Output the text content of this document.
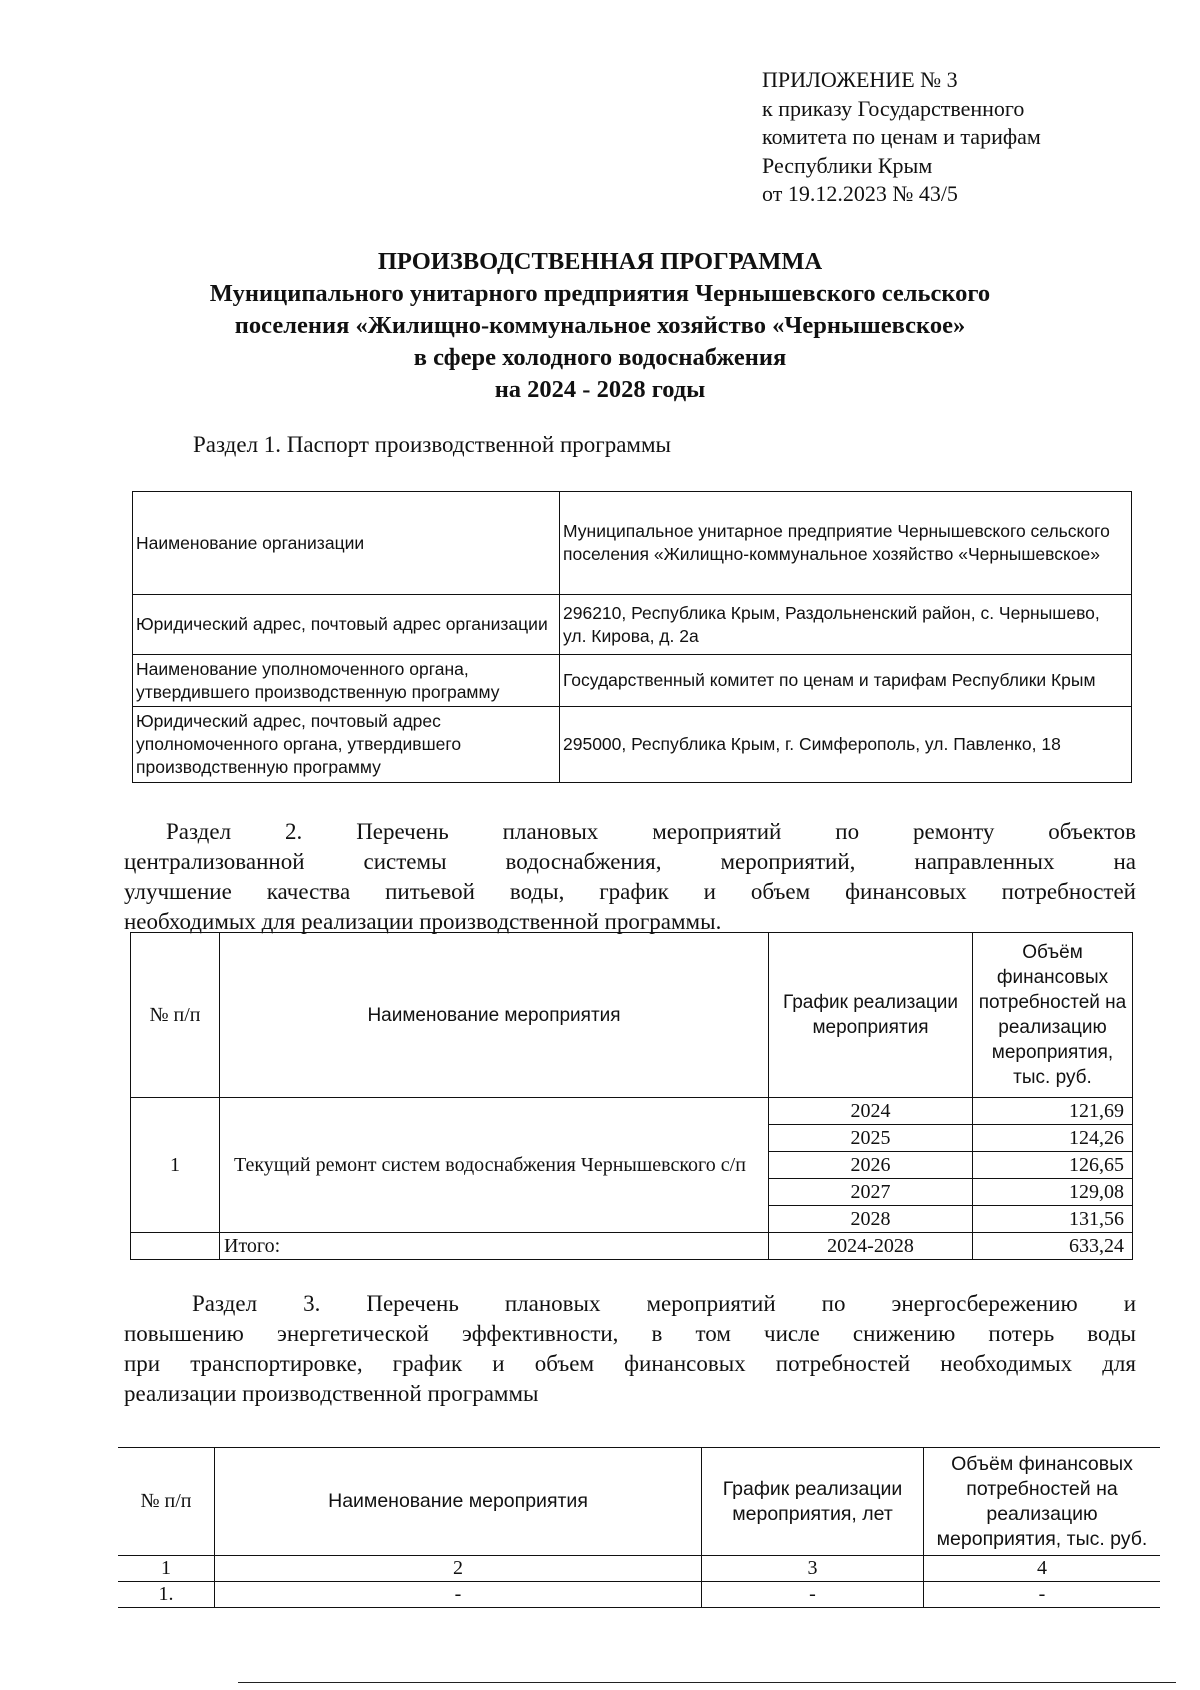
ПРИЛОЖЕНИЕ № 3
к приказу Государственного
комитета по ценам и тарифам
Республики Крым
от 19.12.2023 № 43/5
ПРОИЗВОДСТВЕННАЯ ПРОГРАММА
Муниципального унитарного предприятия Чернышевского сельского
поселения «Жилищно-коммунальное хозяйство «Чернышевское»
в сфере холодного водоснабжения
на 2024 - 2028 годы
Раздел 1. Паспорт производственной программы
Наименование организации	Муниципальное унитарное предприятие Чернышевского сельского поселения «Жилищно-коммунальное хозяйство «Чернышевское»
Юридический адрес, почтовый адрес организации	296210, Республика Крым, Раздольненский район, с. Чернышево, ул. Кирова, д. 2а
Наименование уполномоченного органа, утвердившего производственную программу	Государственный комитет по ценам и тарифам Республики Крым
Юридический адрес, почтовый адрес уполномоченного органа, утвердившего производственную программу	295000, Республика Крым, г. Симферополь, ул. Павленко, 18
Раздел 2. Перечень плановых мероприятий по ремонту объектов
централизованной системы водоснабжения, мероприятий, направленных на
улучшение качества питьевой воды, график и объем финансовых потребностей
необходимых для реализации производственной программы.
№ п/п	Наименование мероприятия	График реализации мероприятия	Объём финансовых потребностей на реализацию мероприятия, тыс. руб.
1	Текущий ремонт систем водоснабжения Чернышевского с/п	2024	121,69
		2025	124,26
		2026	126,65
		2027	129,08
		2028	131,56
	Итого:	2024-2028	633,24
Раздел 3. Перечень плановых мероприятий по энергосбережению и
повышению энергетической эффективности, в том числе снижению потерь воды
при транспортировке, график и объем финансовых потребностей необходимых для
реализации производственной программы
№ п/п	Наименование мероприятия	График реализации мероприятия, лет	Объём финансовых потребностей на реализацию мероприятия, тыс. руб.
1	2	3	4
1.	-	-	-
